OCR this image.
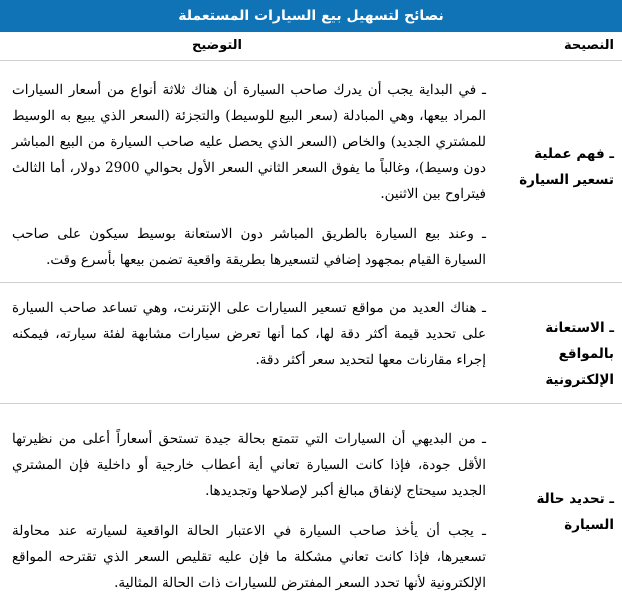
نصائح لتسهيل بيع السيارات المستعملة
النصيحة
التوضيح
ـ فهم عملية تسعير السيارة

ـ في البداية يجب أن يدرك صاحب السيارة أن هناك ثلاثة أنواع من أسعار السيارات المراد بيعها، وهي المبادلة (سعر البيع للوسيط) والتجزئة (السعر الذي يبيع به الوسيط للمشتري الجديد) والخاص (السعر الذي يحصل عليه صاحب السيارة من البيع المباشر دون وسيط)، وغالباً ما يفوق السعر الثاني السعر الأول بحوالي 2900 دولار، أما الثالث فيتراوح بين الاثنين.

ـ وعند بيع السيارة بالطريق المباشر دون الاستعانة بوسيط سيكون على صاحب السيارة القيام بمجهود إضافي لتسعيرها بطريقة واقعية تضمن بيعها بأسرع وقت.

ـ الاستعانة بالمواقع الإلكترونية

ـ هناك العديد من مواقع تسعير السيارات على الإنترنت، وهي تساعد صاحب السيارة على تحديد قيمة أكثر دقة لها، كما أنها تعرض سيارات مشابهة لفئة سيارته، فيمكنه إجراء مقارنات معها لتحديد سعر أكثر دقة.

ـ تحديد حالة السيارة

ـ من البديهي أن السيارات التي تتمتع بحالة جيدة تستحق أسعاراً أعلى من نظيرتها الأقل جودة، فإذا كانت السيارة تعاني أية أعطاب خارجية أو داخلية فإن المشتري الجديد سيحتاج لإنفاق مبالغ أكبر لإصلاحها وتجديدها.

ـ يجب أن يأخذ صاحب السيارة في الاعتبار الحالة الواقعية لسيارته عند محاولة تسعيرها، فإذا كانت تعاني مشكلة ما فإن عليه تقليص السعر الذي تقترحه المواقع الإلكترونية لأنها تحدد السعر المفترض للسيارات ذات الحالة المثالية.
